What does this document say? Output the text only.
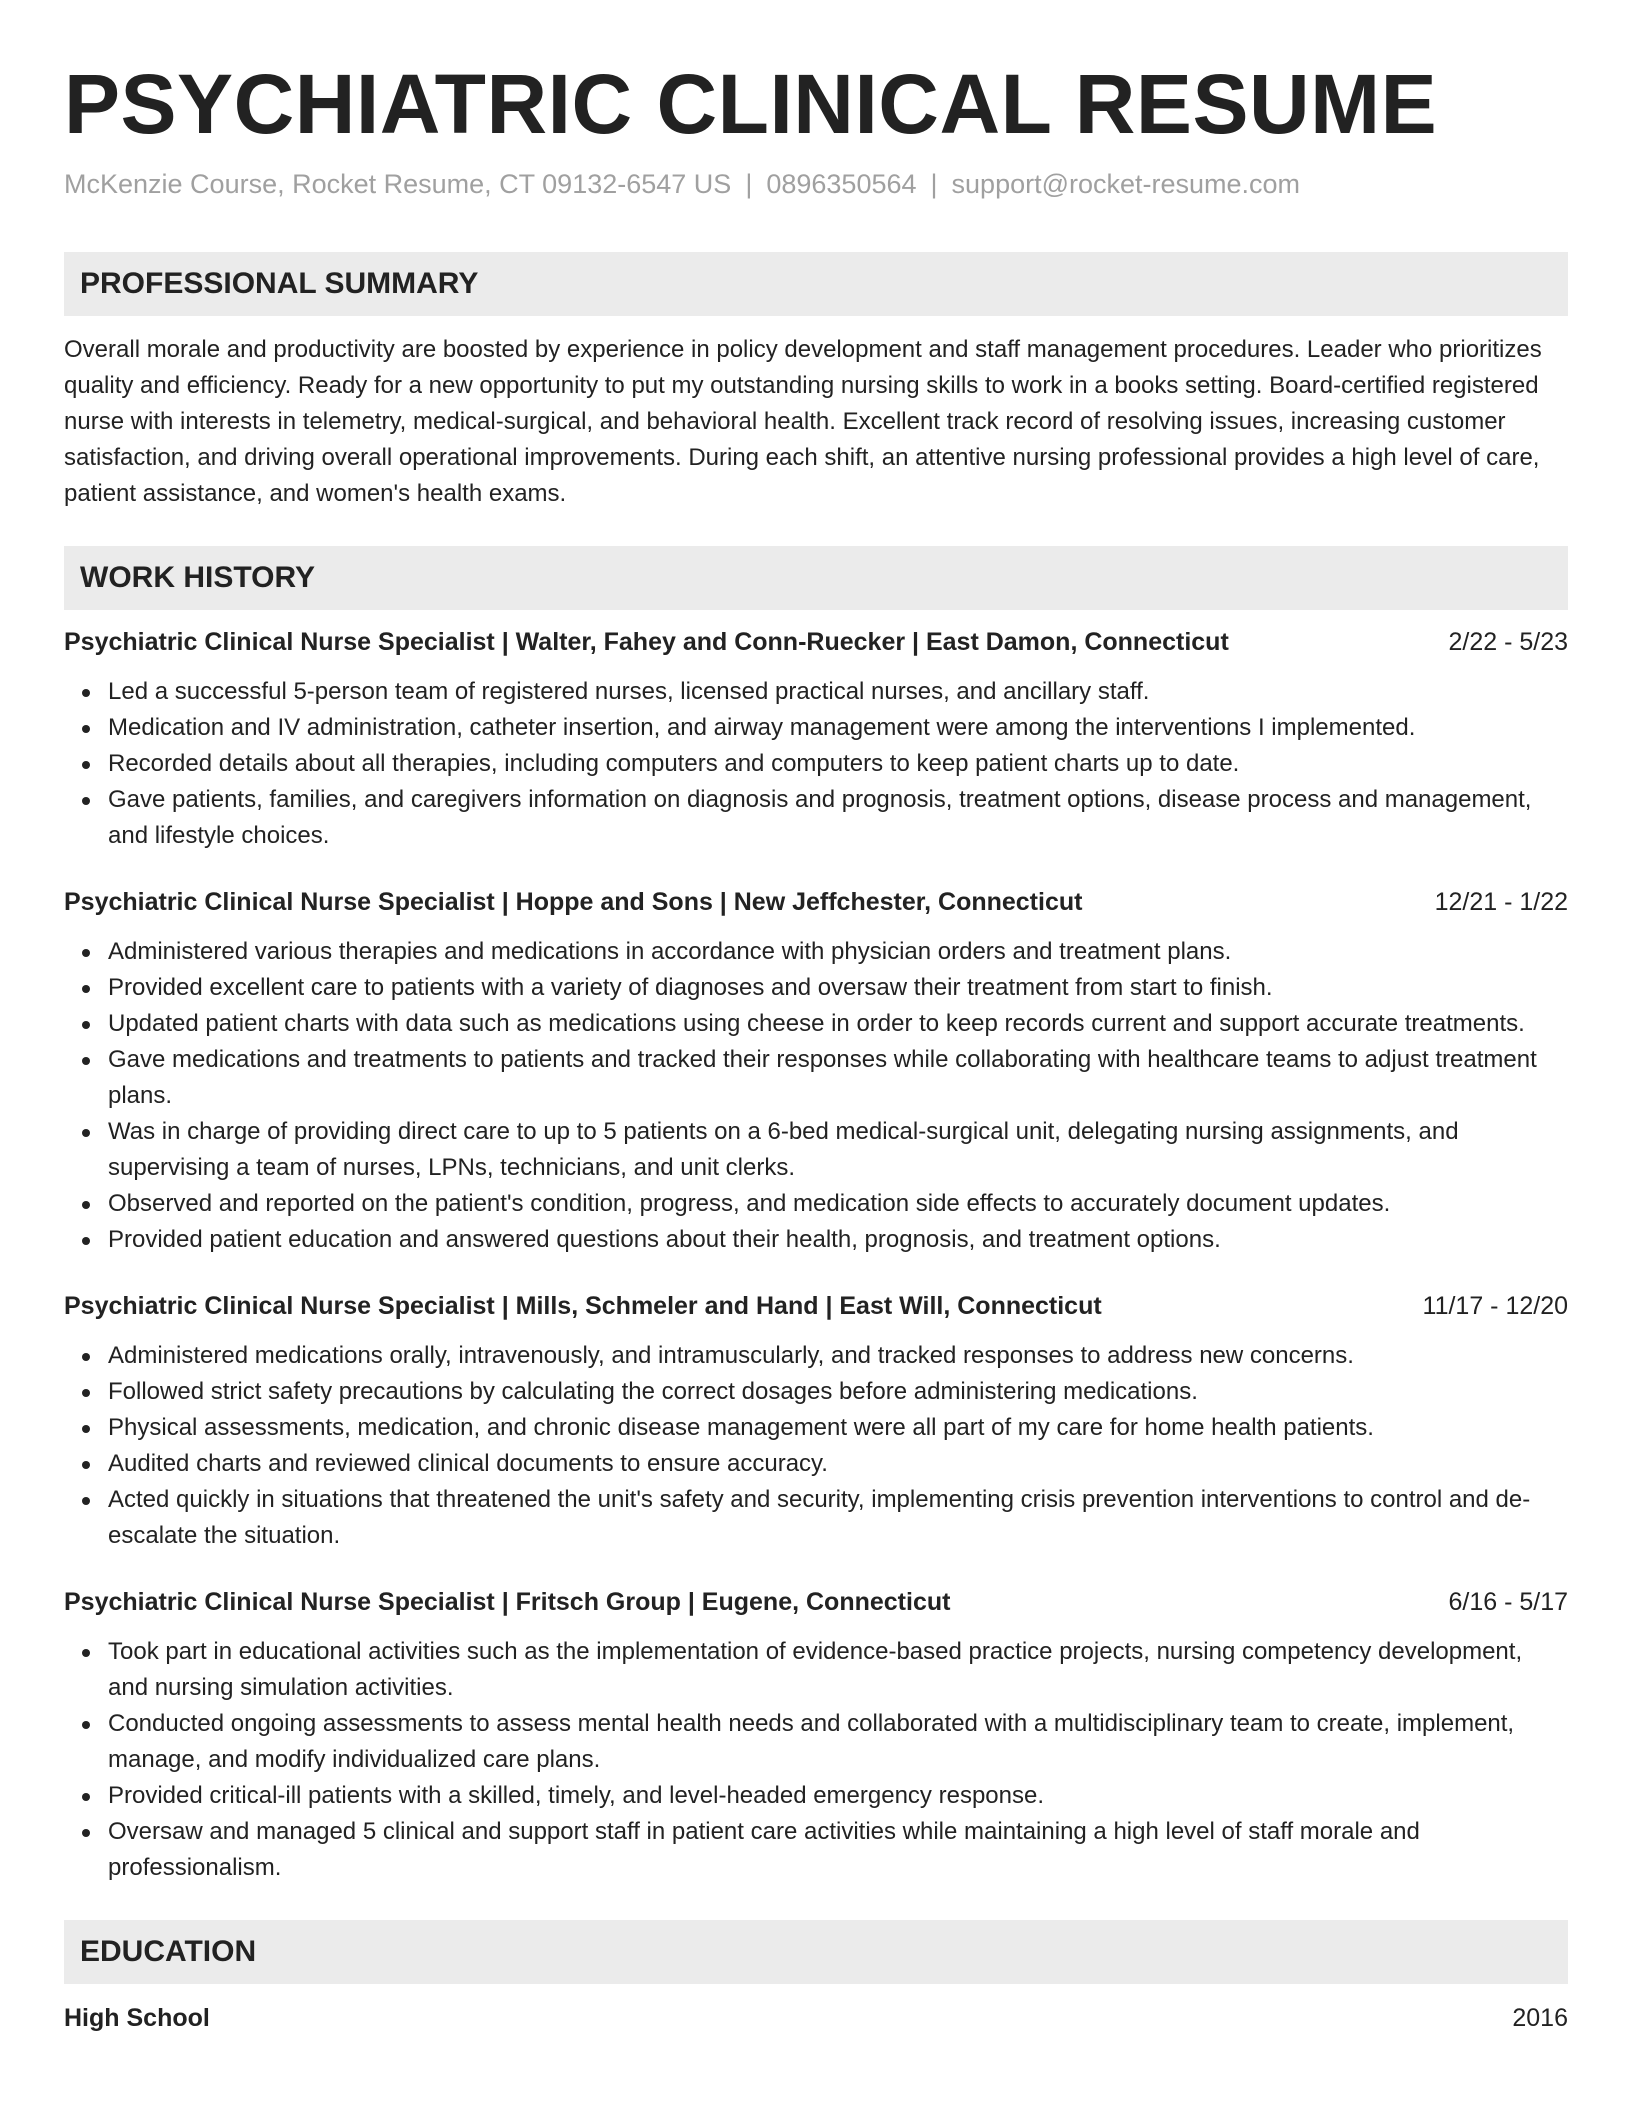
PSYCHIATRIC CLINICAL RESUME
McKenzie Course, Rocket Resume, CT 09132-6547 US | 0896350564 | support@rocket-resume.com
PROFESSIONAL SUMMARY

Overall morale and productivity are boosted by experience in policy development and staff management procedures. Leader who prioritizes quality and efficiency. Ready for a new opportunity to put my outstanding nursing skills to work in a books setting. Board-certified registered nurse with interests in telemetry, medical-surgical, and behavioral health. Excellent track record of resolving issues, increasing customer satisfaction, and driving overall operational improvements. During each shift, an attentive nursing professional provides a high level of care, patient assistance, and women's health exams.

WORK HISTORY
Psychiatric Clinical Nurse Specialist | Walter, Fahey and Conn-Ruecker | East Damon, Connecticut	2/22 - 5/23
Led a successful 5-person team of registered nurses, licensed practical nurses, and ancillary staff.
Medication and IV administration, catheter insertion, and airway management were among the interventions I implemented.
Recorded details about all therapies, including computers and computers to keep patient charts up to date.
Gave patients, families, and caregivers information on diagnosis and prognosis, treatment options, disease process and management, and lifestyle choices.
Psychiatric Clinical Nurse Specialist | Hoppe and Sons | New Jeffchester, Connecticut	12/21 - 1/22
Administered various therapies and medications in accordance with physician orders and treatment plans.
Provided excellent care to patients with a variety of diagnoses and oversaw their treatment from start to finish.
Updated patient charts with data such as medications using cheese in order to keep records current and support accurate treatments.
Gave medications and treatments to patients and tracked their responses while collaborating with healthcare teams to adjust treatment plans.
Was in charge of providing direct care to up to 5 patients on a 6-bed medical-surgical unit, delegating nursing assignments, and supervising a team of nurses, LPNs, technicians, and unit clerks.
Observed and reported on the patient's condition, progress, and medication side effects to accurately document updates.
Provided patient education and answered questions about their health, prognosis, and treatment options.
Psychiatric Clinical Nurse Specialist | Mills, Schmeler and Hand | East Will, Connecticut	11/17 - 12/20
Administered medications orally, intravenously, and intramuscularly, and tracked responses to address new concerns.
Followed strict safety precautions by calculating the correct dosages before administering medications.
Physical assessments, medication, and chronic disease management were all part of my care for home health patients.
Audited charts and reviewed clinical documents to ensure accuracy.
Acted quickly in situations that threatened the unit's safety and security, implementing crisis prevention interventions to control and de-escalate the situation.
Psychiatric Clinical Nurse Specialist | Fritsch Group | Eugene, Connecticut	6/16 - 5/17
Took part in educational activities such as the implementation of evidence-based practice projects, nursing competency development, and nursing simulation activities.
Conducted ongoing assessments to assess mental health needs and collaborated with a multidisciplinary team to create, implement, manage, and modify individualized care plans.
Provided critical-ill patients with a skilled, timely, and level-headed emergency response.
Oversaw and managed 5 clinical and support staff in patient care activities while maintaining a high level of staff morale and professionalism.
EDUCATION
High School	2016
